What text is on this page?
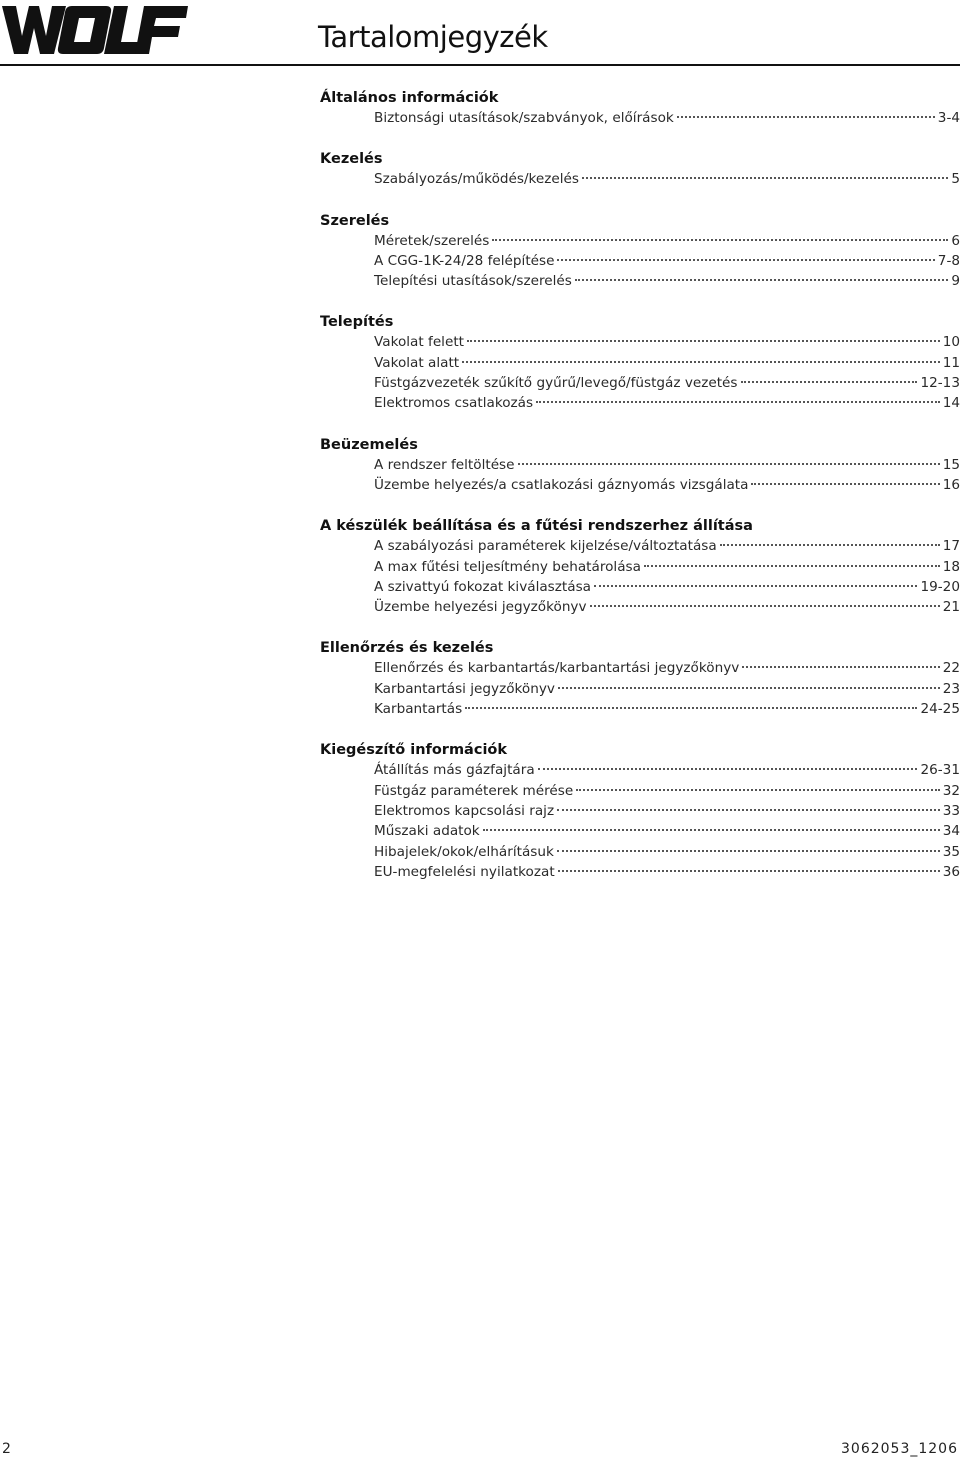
Tartalomjegyzék
Általános információk
Biztonsági utasítások/szabványok, előírások	3-4
Kezelés
Szabályozás/működés/kezelés	5
Szerelés
Méretek/szerelés	6
A CGG-1K-24/28 felépítése	7-8
Telepítési utasítások/szerelés	9
Telepítés
Vakolat felett	10
Vakolat alatt	11
Füstgázvezeték szűkítő gyűrű/levegő/füstgáz vezetés	12-13
Elektromos csatlakozás	14
Beüzemelés
A rendszer feltöltése	15
Üzembe helyezés/a csatlakozási gáznyomás vizsgálata	16
A készülék beállítása és a fűtési rendszerhez állítása
A szabályozási paraméterek kijelzése/változtatása	17
A max fűtési teljesítmény behatárolása	18
A szivattyú fokozat kiválasztása	19-20
Üzembe helyezési jegyzőkönyv	21
Ellenőrzés és kezelés
Ellenőrzés és karbantartás/karbantartási jegyzőkönyv	22
Karbantartási jegyzőkönyv	23
Karbantartás	24-25
Kiegészítő információk
Átállítás más gázfajtára	26-31
Füstgáz paraméterek mérése	32
Elektromos kapcsolási rajz	33
Műszaki adatok	34
Hibajelek/okok/elhárításuk	35
EU-megfelelési nyilatkozat	36
2	3062053_1206
